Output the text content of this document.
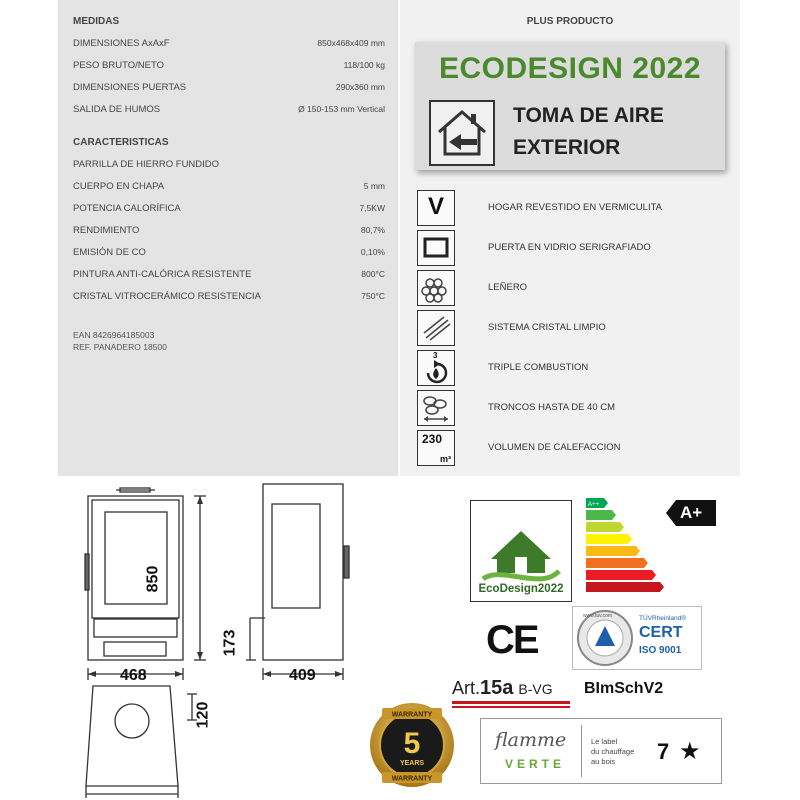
MEDIDAS
DIMENSIONES AxAxF	850x468x409 mm
PESO BRUTO/NETO	118/100 kg
DIMENSIONES PUERTAS	290x360 mm
SALIDA DE HUMOS	Ø 150-153 mm Vertical
CARACTERISTICAS
PARRILLA DE HIERRO FUNDIDO
CUERPO EN CHAPA	5 mm
POTENCIA CALORÍFICA	7,5KW
RENDIMIENTO	80,7%
EMISIÓN DE CO	0,10%
PINTURA ANTI-CALÓRICA RESISTENTE	800°C
CRISTAL VITROCERÁMICO RESISTENCIA	750°C
EAN 8426964185003
REF. PANADERO 18500
PLUS PRODUCTO
ECODESIGN 2022
TOMA DE AIRE
EXTERIOR
V	HOGAR REVESTIDO EN VERMICULITA
PUERTA EN VIDRIO SERIGRAFIADO
LEÑERO
SISTEMA CRISTAL LIMPIO
3
TRIPLE COMBUSTION
TRONCOS HASTA DE 40 CM
230
m³
VOLUMEN DE CALEFACCION
850
173
468	409
120
EcoDesign2022
A++	A+
CE
www.tuv.com	TÜVRheinland®
CERT
ISO 9001
Art.15a B-VG BImSchV2
WARRANTY
5
YEARS
WARRANTY
flamme
VERTE
Le label
du chauffage
au bois 7 ★
